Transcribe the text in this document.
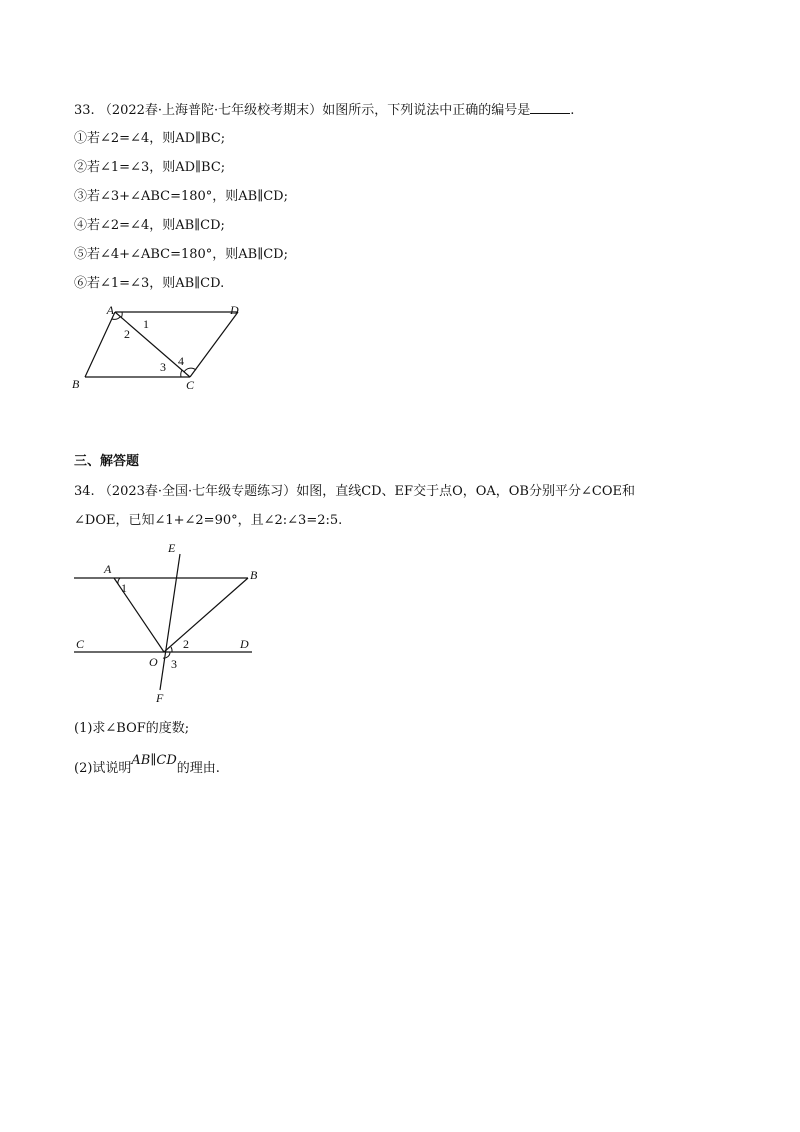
33. （2022春·上海普陀·七年级校考期末）如图所示，下列说法中正确的编号是	.
①若∠2=∠4，则AD∥BC;
②若∠1=∠3，则AD∥BC;
③若∠3+∠ABC=180°，则AB∥CD;
④若∠2=∠4，则AB∥CD;
⑤若∠4+∠ABC=180°，则AB∥CD;
⑥若∠1=∠3，则AB∥CD.
A	D
B	C
1
2
3 4
三、解答题
34. （2023春·全国·七年级专题练习）如图，直线CD、EF交于点O，OA，OB分别平分∠COE和
∠DOE，已知∠1+∠2=90°，且∠2:∠3=2:5.
E
A	B
C	D
O
F
1
2
3
(1)求∠BOF的度数;
(2)试说明AB∥CD的理由.
